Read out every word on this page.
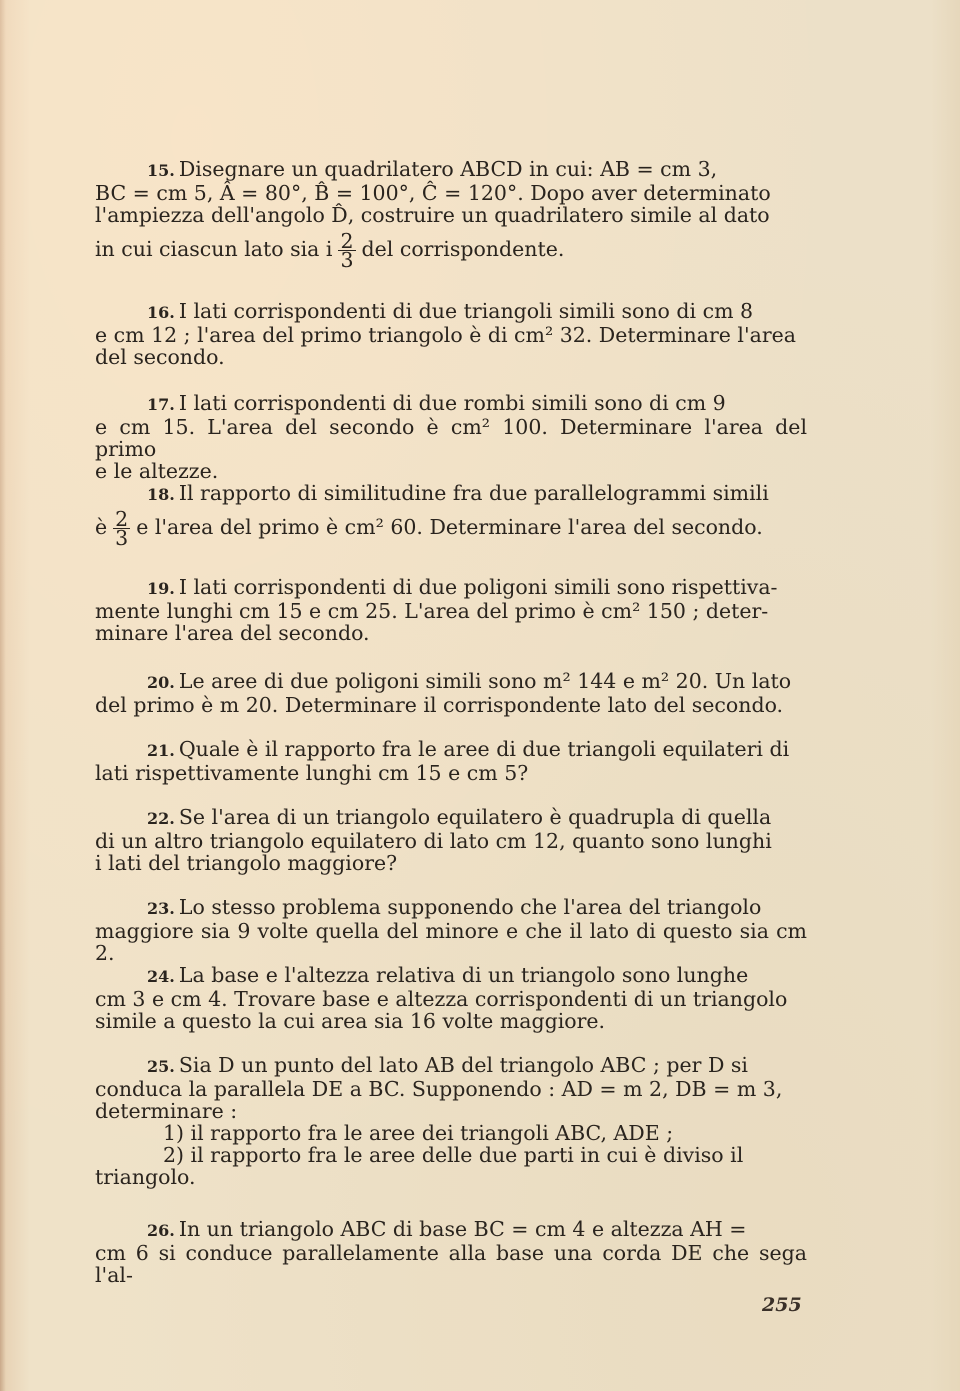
15. Disegnare un quadrilatero ABCD in cui: AB = cm 3,
BC = cm 5, Â = 80°, B̂ = 100°, Ĉ = 120°. Dopo aver determinato
l'ampiezza dell'angolo D̂, costruire un quadrilatero simile al dato
in cui ciascun lato sia i $\frac{2}{3}$ del corrispondente.
16. I lati corrispondenti di due triangoli simili sono di cm 8
e cm 12 ; l'area del primo triangolo è di cm² 32. Determinare l'area
del secondo.
17. I lati corrispondenti di due rombi simili sono di cm 9
e cm 15. L'area del secondo è cm² 100. Determinare l'area del primo
e le altezze.
18. Il rapporto di similitudine fra due parallelogrammi simili
è $\frac{2}{3}$ e l'area del primo è cm² 60. Determinare l'area del secondo.
19. I lati corrispondenti di due poligoni simili sono rispettiva-
mente lunghi cm 15 e cm 25. L'area del primo è cm² 150 ; deter-
minare l'area del secondo.
20. Le aree di due poligoni simili sono m² 144 e m² 20. Un lato
del primo è m 20. Determinare il corrispondente lato del secondo.
21. Quale è il rapporto fra le aree di due triangoli equilateri di
lati rispettivamente lunghi cm 15 e cm 5?
22. Se l'area di un triangolo equilatero è quadrupla di quella
di un altro triangolo equilatero di lato cm 12, quanto sono lunghi
i lati del triangolo maggiore?
23. Lo stesso problema supponendo che l'area del triangolo
maggiore sia 9 volte quella del minore e che il lato di questo sia cm 2.
24. La base e l'altezza relativa di un triangolo sono lunghe
cm 3 e cm 4. Trovare base e altezza corrispondenti di un triangolo
simile a questo la cui area sia 16 volte maggiore.
25. Sia D un punto del lato AB del triangolo ABC ; per D si
conduca la parallela DE a BC. Supponendo : AD = m 2, DB = m 3,
determinare :
1) il rapporto fra le aree dei triangoli ABC, ADE ;
2) il rapporto fra le aree delle due parti in cui è diviso il
triangolo.
26. In un triangolo ABC di base BC = cm 4 e altezza AH =
cm 6 si conduce parallelamente alla base una corda DE che sega l'al-
255
